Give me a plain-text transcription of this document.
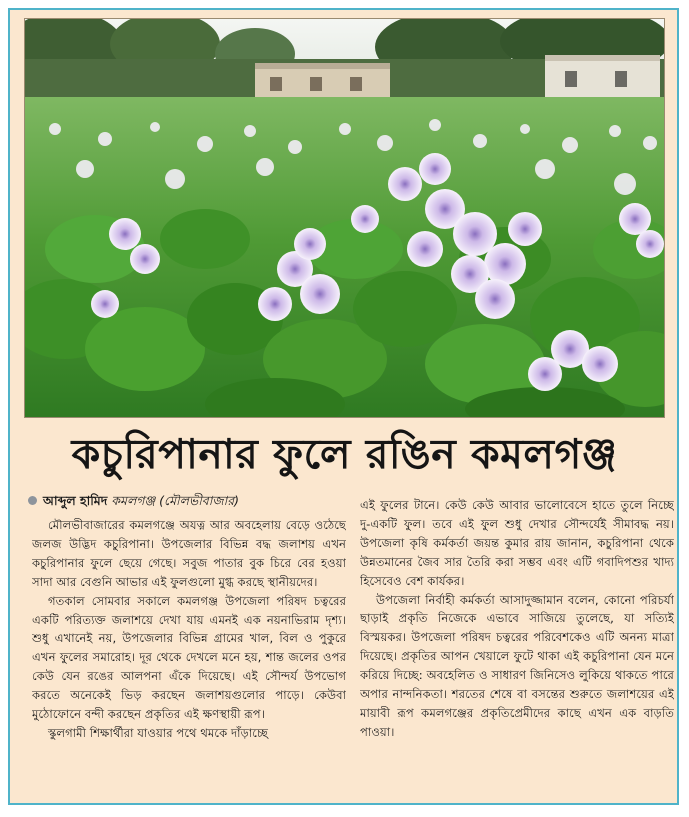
কচুরিপানার ফুলে রঙিন কমলগঞ্জ
আব্দুল হামিদ কমলগঞ্জ (মৌলভীবাজার)

মৌলভীবাজারের কমলগঞ্জে অযত্ন আর অবহেলায় বেড়ে ওঠেছে জলজ উদ্ভিদ কচুরিপানা। উপজেলার বিভিন্ন বদ্ধ জলাশয় এখন কচুরিপানার ফুলে ছেয়ে গেছে। সবুজ পাতার বুক চিরে বের হওয়া সাদা আর বেগুনি আভার এই ফুলগুলো মুগ্ধ করছে স্থানীয়দের।

গতকাল সোমবার সকালে কমলগঞ্জ উপজেলা পরিষদ চত্বরের একটি পরিত্যক্ত জলাশয়ে দেখা যায় এমনই এক নয়নাভিরাম দৃশ্য। শুধু এখানেই নয়, উপজেলার বিভিন্ন গ্রামের খাল, বিল ও পুকুরে এখন ফুলের সমারোহ। দূর থেকে দেখলে মনে হয়, শান্ত জলের ওপর কেউ যেন রঙের আলপনা এঁকে দিয়েছে। এই সৌন্দর্য উপভোগ করতে অনেকেই ভিড় করছেন জলাশয়গুলোর পাড়ে। কেউবা মুঠোফোনে বন্দী করছেন প্রকৃতির এই ক্ষণস্থায়ী রূপ।

স্কুলগামী শিক্ষার্থীরা যাওয়ার পথে থমকে দাঁড়াচ্ছে

এই ফুলের টানে। কেউ কেউ আবার ভালোবেসে হাতে তুলে নিচ্ছে দু-একটি ফুল। তবে এই ফুল শুধু দেখার সৌন্দর্যেই সীমাবদ্ধ নয়। উপজেলা কৃষি কর্মকর্তা জয়ন্ত কুমার রায় জানান, কচুরিপানা থেকে উন্নতমানের জৈব সার তৈরি করা সম্ভব এবং এটি গবাদিপশুর খাদ্য হিসেবেও বেশ কার্যকর।

উপজেলা নির্বাহী কর্মকর্তা আসাদুজ্জামান বলেন, কোনো পরিচর্যা ছাড়াই প্রকৃতি নিজেকে এভাবে সাজিয়ে তুলেছে, যা সত্যিই বিস্ময়কর। উপজেলা পরিষদ চত্বরের পরিবেশকেও এটি অনন্য মাত্রা দিয়েছে। প্রকৃতির আপন খেয়ালে ফুটে থাকা এই কচুরিপানা যেন মনে করিয়ে দিচ্ছে: অবহেলিত ও সাধারণ জিনিসেও লুকিয়ে থাকতে পারে অপার নান্দনিকতা। শরতের শেষে বা বসন্তের শুরুতে জলাশয়ের এই মায়াবী রূপ কমলগঞ্জের প্রকৃতিপ্রেমীদের কাছে এখন এক বাড়তি পাওয়া।
